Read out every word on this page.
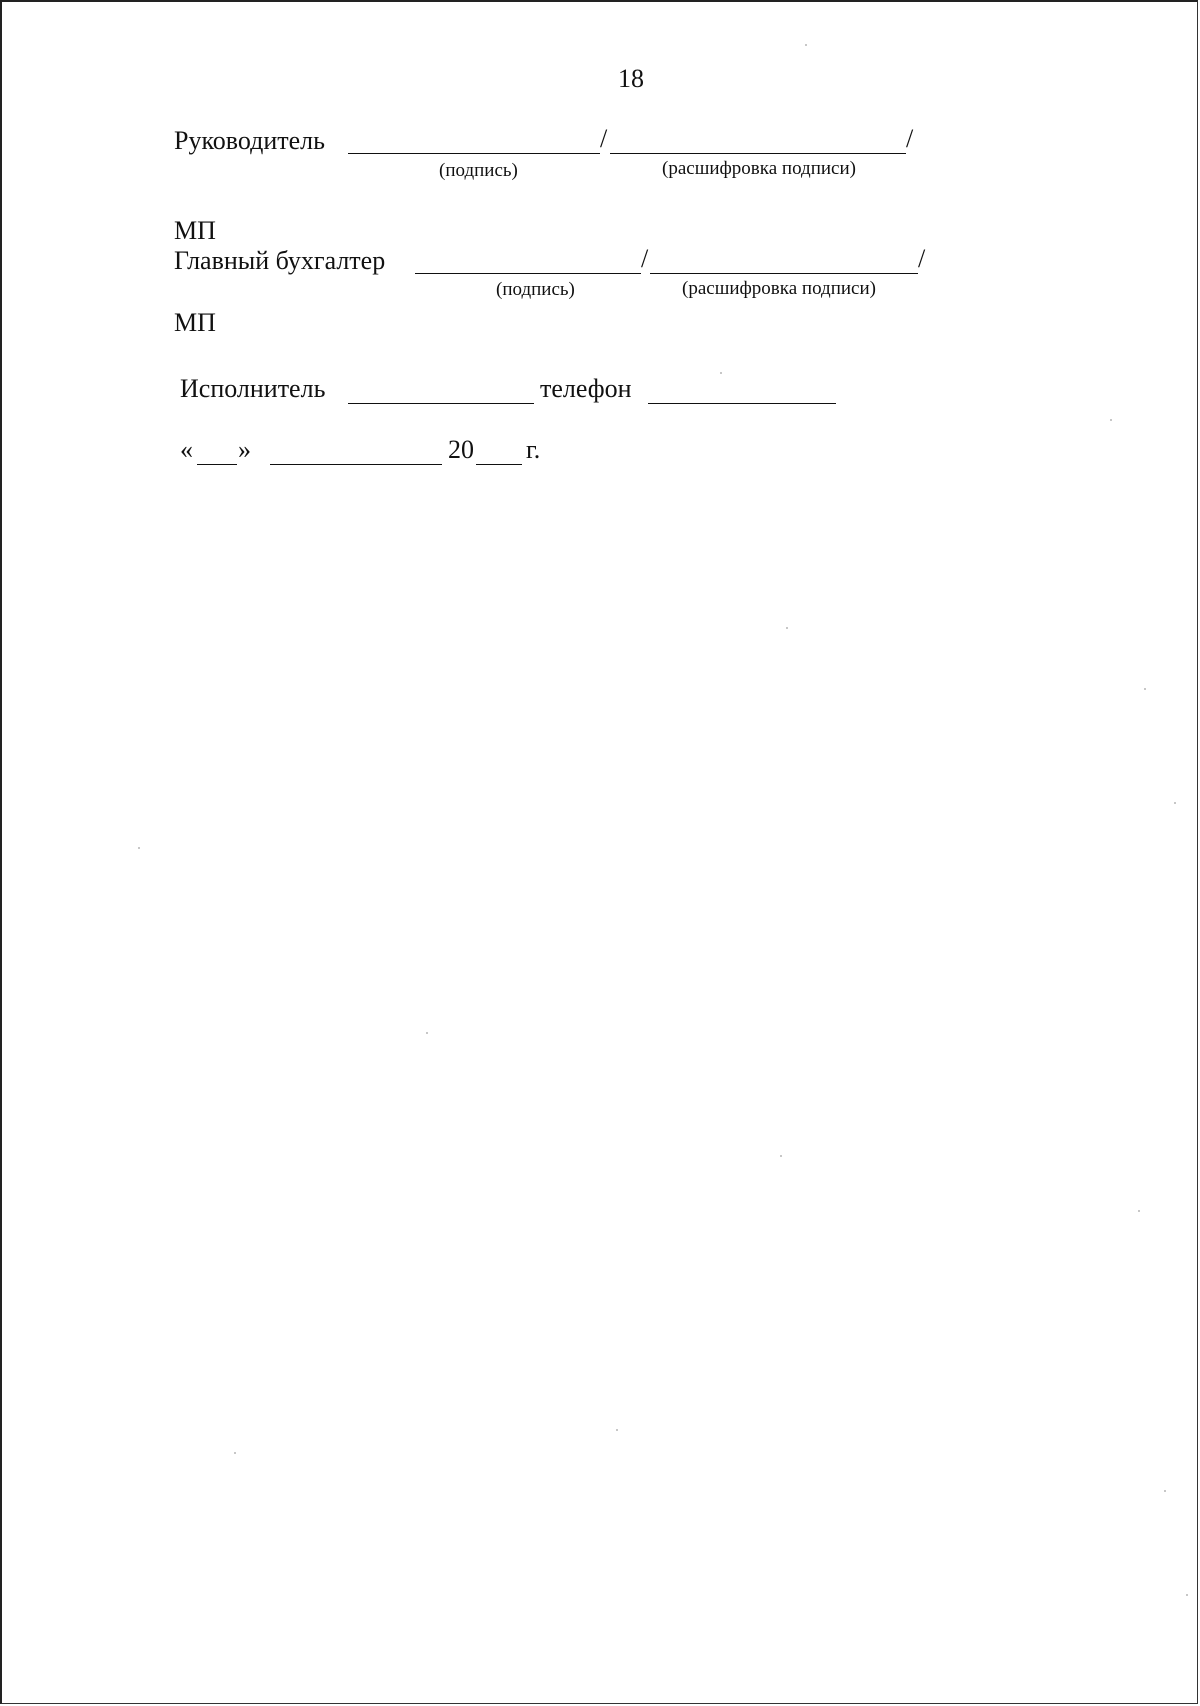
18
Руководитель	/	/
(подпись)	(расшифровка подписи)
МП
Главный бухгалтер	/	/
(подпись)	(расшифровка подписи)
МП
Исполнитель	телефон
« »	20 г.
